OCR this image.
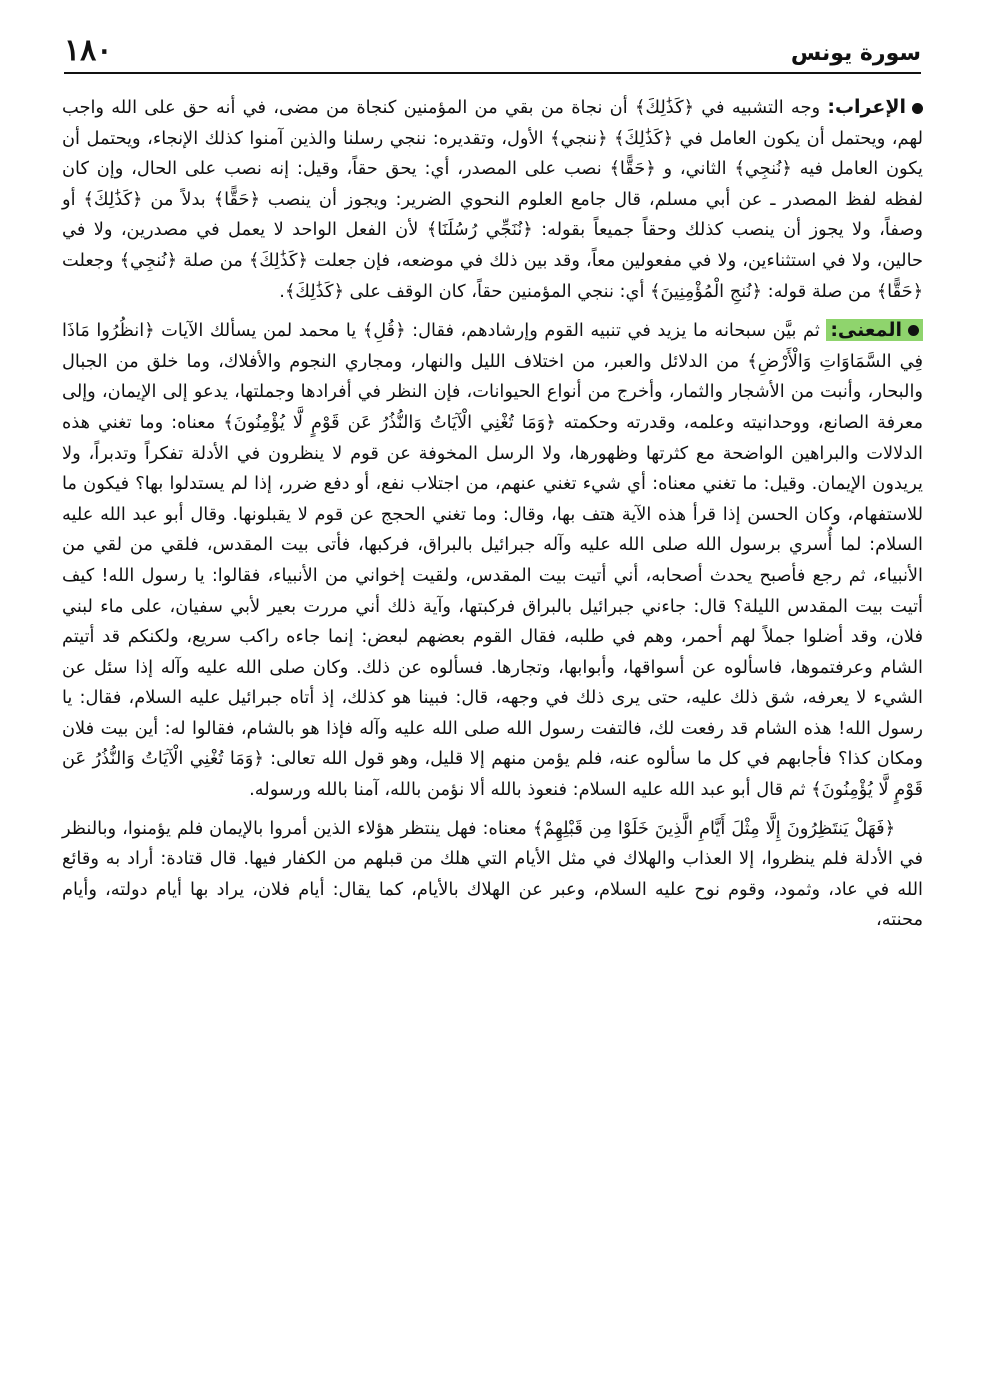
١٨٠	سورة يونس

الإعراب: وجه التشبيه في ﴿كَذَٰلِكَ﴾ أن نجاة من بقي من المؤمنين كنجاة من مضى، في أنه حق على الله واجب لهم، ويحتمل أن يكون العامل في ﴿كَذَٰلِكَ﴾ ﴿ننجي﴾ الأول، وتقديره: ننجي رسلنا والذين آمنوا كذلك الإنجاء، ويحتمل أن يكون العامل فيه ﴿نُنجِي﴾ الثاني، و ﴿حَقًّا﴾ نصب على المصدر، أي: يحق حقاً، وقيل: إنه نصب على الحال، وإن كان لفظه لفظ المصدر ـ عن أبي مسلم، قال جامع العلوم النحوي الضرير: ويجوز أن ينصب ﴿حَقًّا﴾ بدلاً من ﴿كَذَٰلِكَ﴾ أو وصفاً، ولا يجوز أن ينصب كذلك وحقاً جميعاً بقوله: ﴿نُنَجِّي رُسُلَنَا﴾ لأن الفعل الواحد لا يعمل في مصدرين، ولا في حالين، ولا في استثناءين، ولا في مفعولين معاً، وقد بين ذلك في موضعه، فإن جعلت ﴿كَذَٰلِكَ﴾ من صلة ﴿نُنجِي﴾ وجعلت ﴿حَقًّا﴾ من صلة قوله: ﴿نُنجِ الْمُؤْمِنِينَ﴾ أي: ننجي المؤمنين حقاً، كان الوقف على ﴿كَذَٰلِكَ﴾.

المعنى: ثم بيَّن سبحانه ما يزيد في تنبيه القوم وإرشادهم، فقال: ﴿قُلِ﴾ يا محمد لمن يسألك الآيات ﴿انظُرُوا مَاذَا فِي السَّمَاوَاتِ وَالْأَرْضِ﴾ من الدلائل والعبر، من اختلاف الليل والنهار، ومجاري النجوم والأفلاك، وما خلق من الجبال والبحار، وأنبت من الأشجار والثمار، وأخرج من أنواع الحيوانات، فإن النظر في أفرادها وجملتها، يدعو إلى الإيمان، وإلى معرفة الصانع، ووحدانيته وعلمه، وقدرته وحكمته ﴿وَمَا تُغْنِي الْآيَاتُ وَالنُّذُرُ عَن قَوْمٍ لَّا يُؤْمِنُونَ﴾ معناه: وما تغني هذه الدلالات والبراهين الواضحة مع كثرتها وظهورها، ولا الرسل المخوفة عن قوم لا ينظرون في الأدلة تفكراً وتدبراً، ولا يريدون الإيمان. وقيل: ما تغني معناه: أي شيء تغني عنهم، من اجتلاب نفع، أو دفع ضرر، إذا لم يستدلوا بها؟ فيكون ما للاستفهام، وكان الحسن إذا قرأ هذه الآية هتف بها، وقال: وما تغني الحجج عن قوم لا يقبلونها. وقال أبو عبد الله عليه السلام: لما أُسري برسول الله صلى الله عليه وآله جبرائيل بالبراق، فركبها، فأتى بيت المقدس، فلقي من لقي من الأنبياء، ثم رجع فأصبح يحدث أصحابه، أني أتيت بيت المقدس، ولقيت إخواني من الأنبياء، فقالوا: يا رسول الله! كيف أتيت بيت المقدس الليلة؟ قال: جاءني جبرائيل بالبراق فركبتها، وآية ذلك أني مررت بعير لأبي سفيان، على ماء لبني فلان، وقد أضلوا جملاً لهم أحمر، وهم في طلبه، فقال القوم بعضهم لبعض: إنما جاءه راكب سريع، ولكنكم قد أتيتم الشام وعرفتموها، فاسألوه عن أسواقها، وأبوابها، وتجارها. فسألوه عن ذلك. وكان صلى الله عليه وآله إذا سئل عن الشيء لا يعرفه، شق ذلك عليه، حتى يرى ذلك في وجهه، قال: فبينا هو كذلك، إذ أتاه جبرائيل عليه السلام، فقال: يا رسول الله! هذه الشام قد رفعت لك، فالتفت رسول الله صلى الله عليه وآله فإذا هو بالشام، فقالوا له: أين بيت فلان ومكان كذا؟ فأجابهم في كل ما سألوه عنه، فلم يؤمن منهم إلا قليل، وهو قول الله تعالى: ﴿وَمَا تُغْنِي الْآيَاتُ وَالنُّذُرُ عَن قَوْمٍ لَّا يُؤْمِنُونَ﴾ ثم قال أبو عبد الله عليه السلام: فنعوذ بالله ألا نؤمن بالله، آمنا بالله ورسوله.

﴿فَهَلْ يَنتَظِرُونَ إِلَّا مِثْلَ أَيَّامِ الَّذِينَ خَلَوْا مِن قَبْلِهِمْ﴾ معناه: فهل ينتظر هؤلاء الذين أمروا بالإيمان فلم يؤمنوا، وبالنظر في الأدلة فلم ينظروا، إلا العذاب والهلاك في مثل الأيام التي هلك من قبلهم من الكفار فيها. قال قتادة: أراد به وقائع الله في عاد، وثمود، وقوم نوح عليه السلام، وعبر عن الهلاك بالأيام، كما يقال: أيام فلان، يراد بها أيام دولته، وأيام محنته،
